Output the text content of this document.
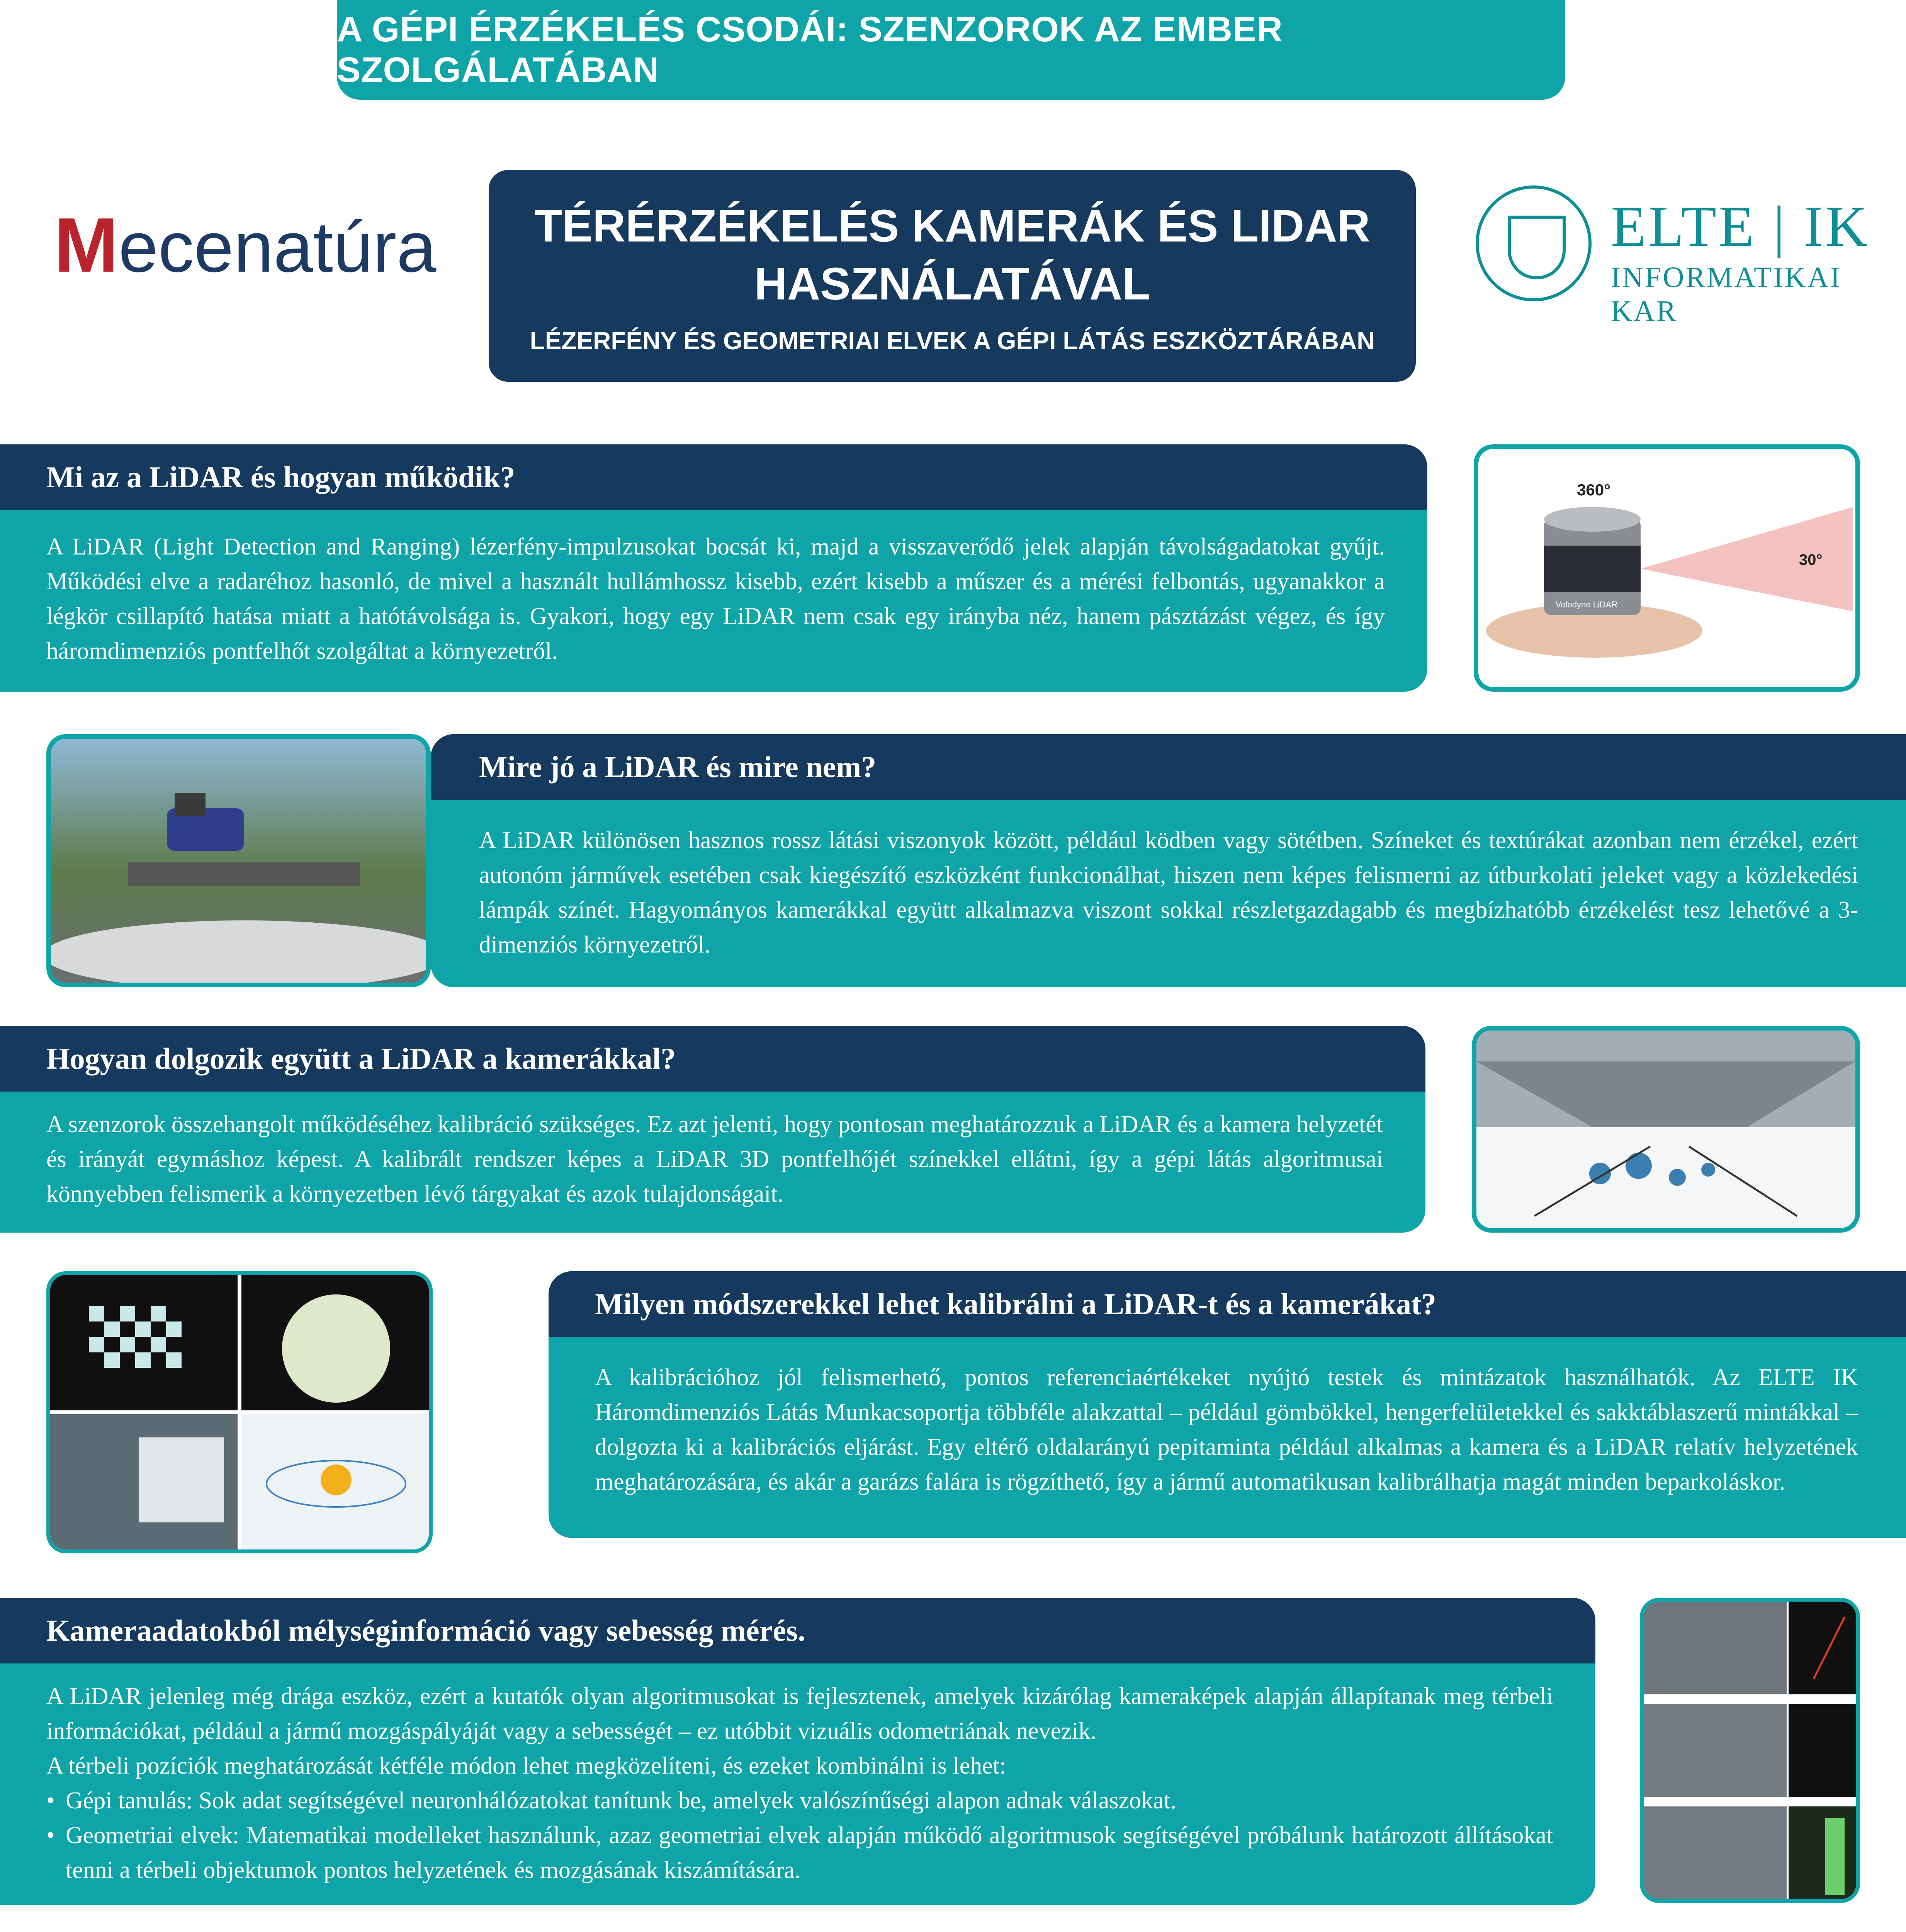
A GÉPI ÉRZÉKELÉS CSODÁI: SZENZOROK AZ EMBER SZOLGÁLATÁBAN
Mecenatúra	TÉRÉRZÉKELÉS KAMERÁK ÉS LIDAR
HASZNÁLATÁVAL
LÉZERFÉNY ÉS GEOMETRIAI ELVEK A GÉPI LÁTÁS ESZKÖZTÁRÁBAN
ELTE | IK
INFORMATIKAI KAR
Mi az a LiDAR és hogyan működik?
A LiDAR (Light Detection and Ranging) lézerfény-impulzusokat bocsát ki, majd a visszaverődő jelek alapján távolságadatokat gyűjt. Működési elve a radaréhoz hasonló, de mivel a használt hullámhossz kisebb, ezért kisebb a műszer és a mérési felbontás, ugyanakkor a légkör csillapító hatása miatt a hatótávolsága is. Gyakori, hogy egy LiDAR nem csak egy irányba néz, hanem pásztázást végez, és így háromdimenziós pontfelhőt szolgáltat a környezetről.
360°
30°
Velodyne LiDAR
Mire jó a LiDAR és mire nem?
A LiDAR különösen hasznos rossz látási viszonyok között, például ködben vagy sötétben. Színeket és textúrákat azonban nem érzékel, ezért autonóm járművek esetében csak kiegészítő eszközként funkcionálhat, hiszen nem képes felismerni az útburkolati jeleket vagy a közlekedési lámpák színét. Hagyományos kamerákkal együtt alkalmazva viszont sokkal részletgazdagabb és megbízhatóbb érzékelést tesz lehetővé a 3-dimenziós környezetről.
Hogyan dolgozik együtt a LiDAR a kamerákkal?
A szenzorok összehangolt működéséhez kalibráció szükséges. Ez azt jelenti, hogy pontosan meghatározzuk a LiDAR és a kamera helyzetét és irányát egymáshoz képest. A kalibrált rendszer képes a LiDAR 3D pontfelhőjét színekkel ellátni, így a gépi látás algoritmusai könnyebben felismerik a környezetben lévő tárgyakat és azok tulajdonságait.
Milyen módszerekkel lehet kalibrálni a LiDAR-t és a kamerákat?
A kalibrációhoz jól felismerhető, pontos referenciaértékeket nyújtó testek és mintázatok használhatók. Az ELTE IK Háromdimenziós Látás Munkacsoportja többféle alakzattal – például gömbökkel, hengerfelületekkel és sakktáblaszerű mintákkal – dolgozta ki a kalibrációs eljárást. Egy eltérő oldalarányú pepitaminta például alkalmas a kamera és a LiDAR relatív helyzetének meghatározására, és akár a garázs falára is rögzíthető, így a jármű automatikusan kalibrálhatja magát minden beparkoláskor.
Kameraadatokból mélységinformáció vagy sebesség mérés.
A LiDAR jelenleg még drága eszköz, ezért a kutatók olyan algoritmusokat is fejlesztenek, amelyek kizárólag kameraképek alapján állapítanak meg térbeli információkat, például a jármű mozgáspályáját vagy a sebességét – ez utóbbit vizuális odometriának nevezik.
A térbeli pozíciók meghatározását kétféle módon lehet megközelíteni, és ezeket kombinálni is lehet:
• Gépi tanulás: Sok adat segítségével neuronhálózatokat tanítunk be, amelyek valószínűségi alapon adnak válaszokat.
• Geometriai elvek: Matematikai modelleket használunk, azaz geometriai elvek alapján működő algoritmusok segítségével próbálunk határozott állításokat tenni a térbeli objektumok pontos helyzetének és mozgásának kiszámítására.
